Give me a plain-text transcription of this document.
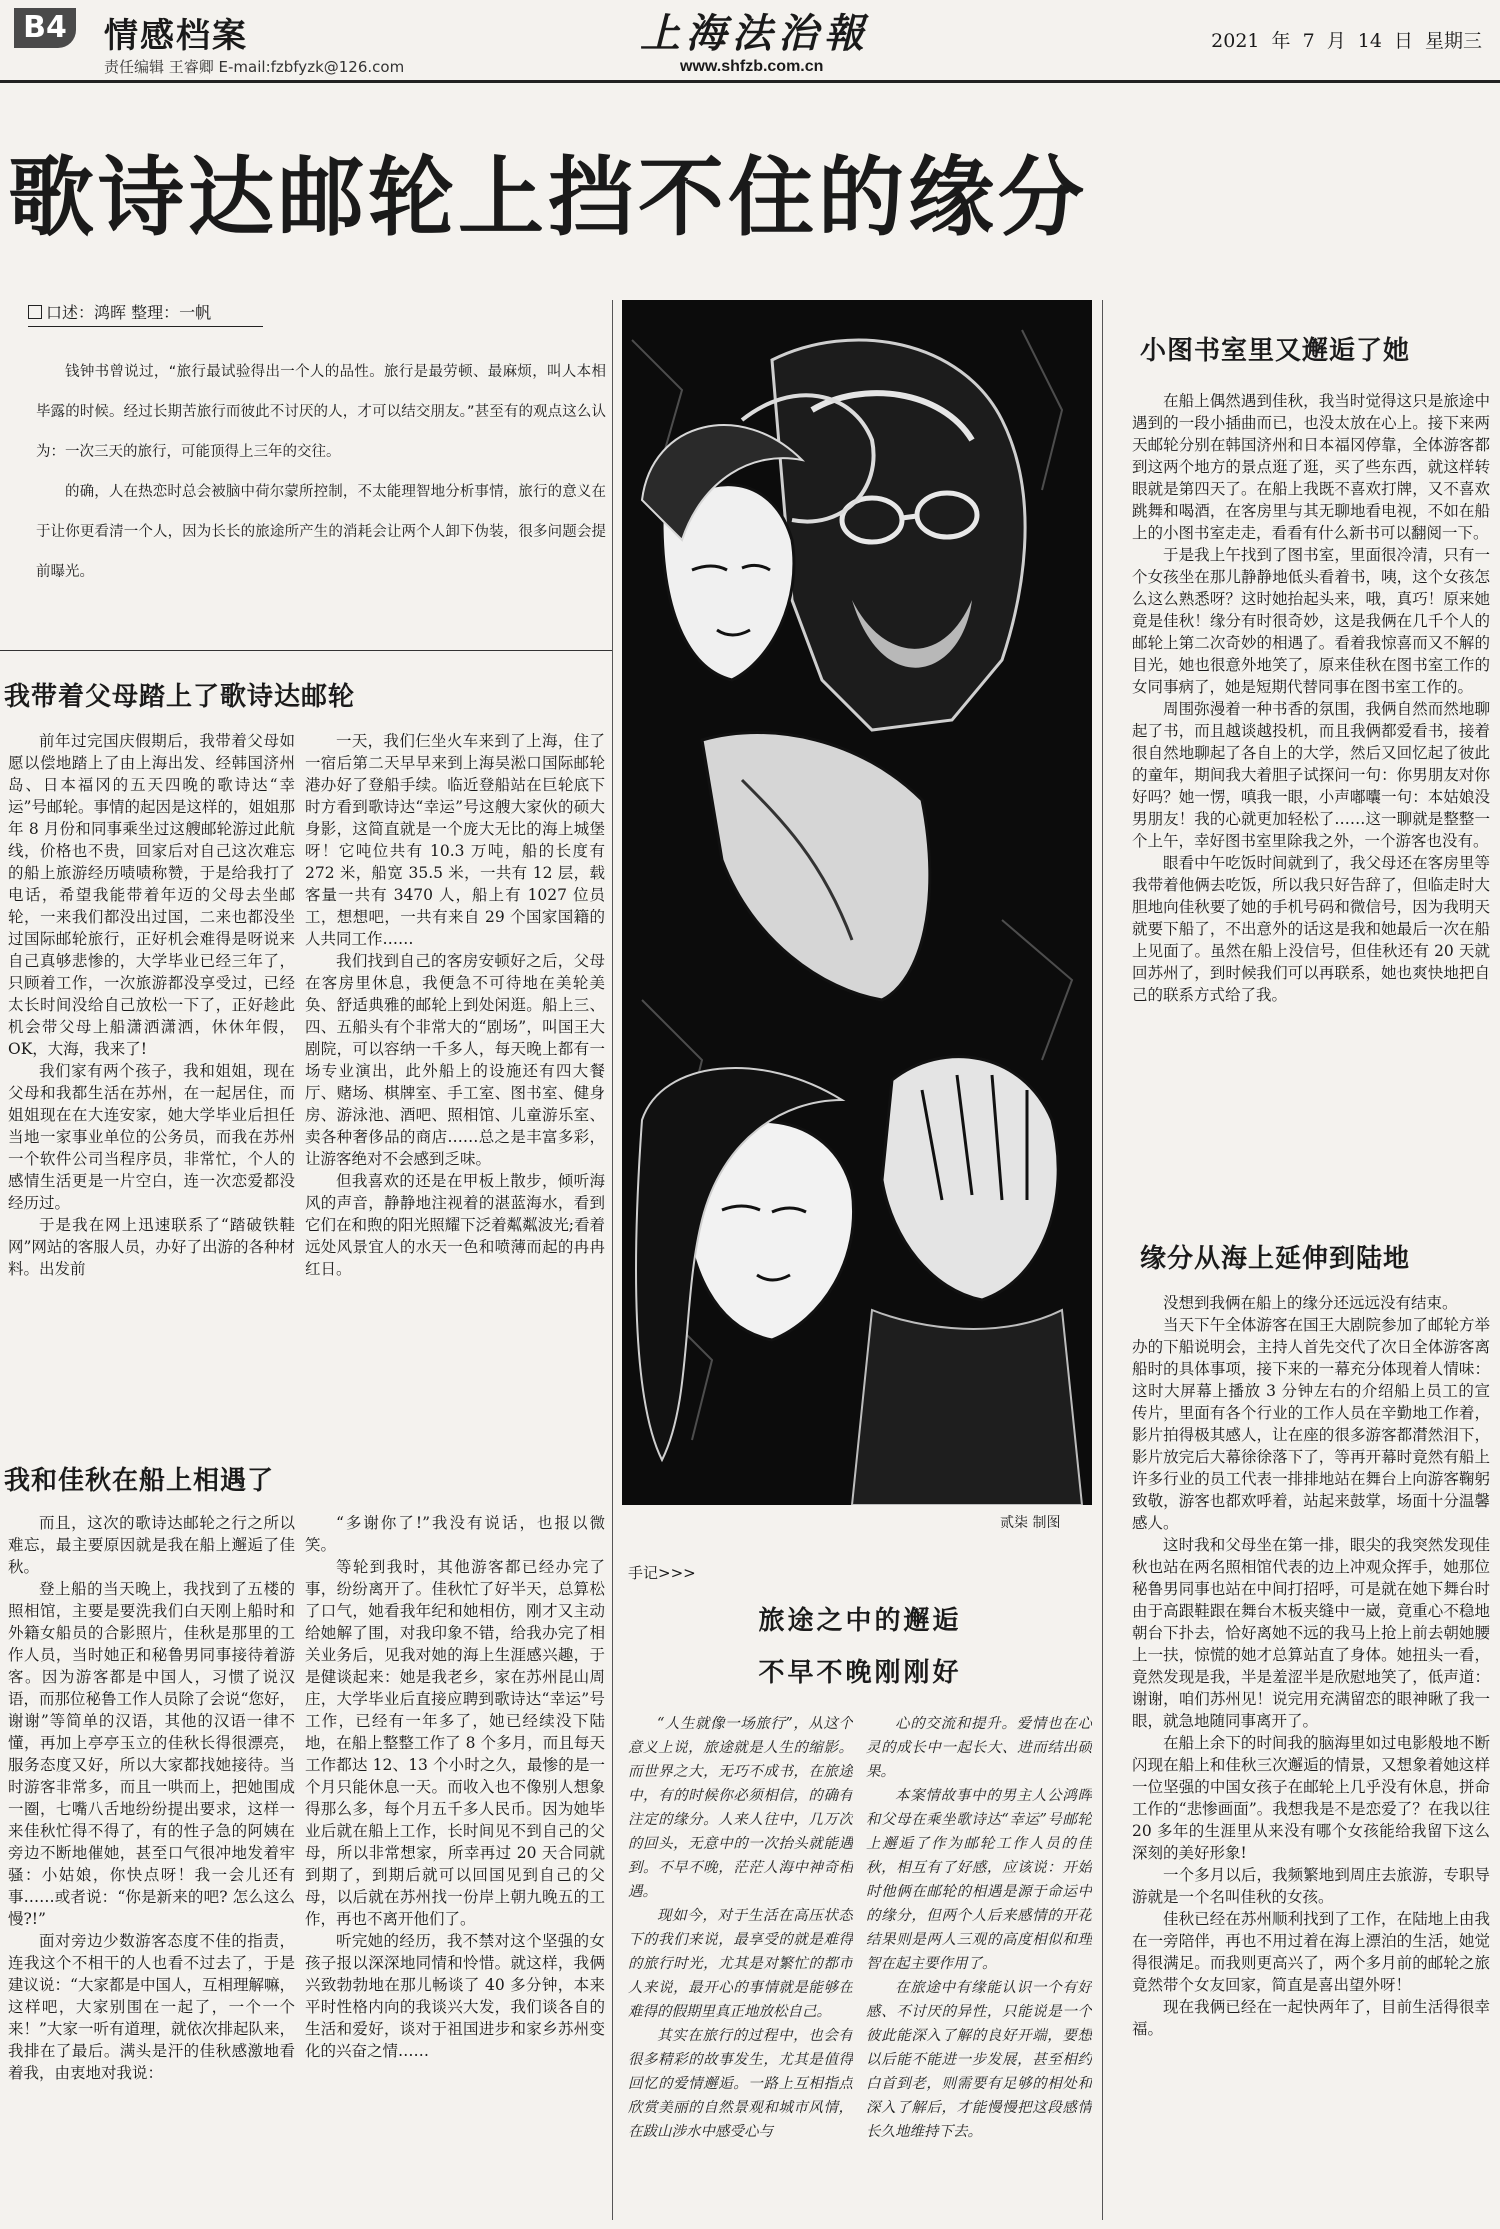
B4 情感档案
责任编辑 王睿卿 E-mail:fzbfyzk@126.com
上海法治報
www.shfzb.com.cn
2021 年 7 月 14 日 星期三
歌诗达邮轮上挡不住的缘分
口述：鸿晖 整理：一帆

钱钟书曾说过，“旅行最试验得出一个人的品性。旅行是最劳顿、最麻烦，叫人本相毕露的时候。经过长期苦旅行而彼此不讨厌的人，才可以结交朋友。”甚至有的观点这么认为：一次三天的旅行，可能顶得上三年的交往。

的确，人在热恋时总会被脑中荷尔蒙所控制，不太能理智地分析事情，旅行的意义在于让你更看清一个人，因为长长的旅途所产生的消耗会让两个人卸下伪装，很多问题会提前曝光。

我带着父母踏上了歌诗达邮轮

前年过完国庆假期后，我带着父母如愿以偿地踏上了由上海出发、经韩国济州岛、日本福冈的五天四晚的歌诗达“幸运”号邮轮。事情的起因是这样的，姐姐那年 8 月份和同事乘坐过这艘邮轮游过此航线，价格也不贵，回家后对自己这次难忘的船上旅游经历啧啧称赞，于是给我打了电话，希望我能带着年迈的父母去坐邮轮，一来我们都没出过国，二来也都没坐过国际邮轮旅行，正好机会难得是呀说来自己真够悲惨的，大学毕业已经三年了，只顾着工作，一次旅游都没享受过，已经太长时间没给自己放松一下了，正好趁此机会带父母上船潇洒潇洒，休休年假，OK，大海，我来了!

我们家有两个孩子，我和姐姐，现在父母和我都生活在苏州，在一起居住，而姐姐现在在大连安家，她大学毕业后担任当地一家事业单位的公务员，而我在苏州一个软件公司当程序员，非常忙，个人的感情生活更是一片空白，连一次恋爱都没经历过。

于是我在网上迅速联系了“踏破铁鞋网”网站的客服人员，办好了出游的各种材料。出发前

一天，我们仨坐火车来到了上海，住了一宿后第二天早早来到上海吴淞口国际邮轮港办好了登船手续。临近登船站在巨轮底下时方看到歌诗达“幸运”号这艘大家伙的硕大身影，这简直就是一个庞大无比的海上城堡呀！它吨位共有 10.3 万吨，船的长度有 272 米，船宽 35.5 米，一共有 12 层，载客量一共有 3470 人，船上有 1027 位员工，想想吧，一共有来自 29 个国家国籍的人共同工作……

我们找到自己的客房安顿好之后，父母在客房里休息，我便急不可待地在美轮美奂、舒适典雅的邮轮上到处闲逛。船上三、四、五船头有个非常大的“剧场”，叫国王大剧院，可以容纳一千多人，每天晚上都有一场专业演出，此外船上的设施还有四大餐厅、赌场、棋牌室、手工室、图书室、健身房、游泳池、酒吧、照相馆、儿童游乐室、卖各种奢侈品的商店……总之是丰富多彩，让游客绝对不会感到乏味。

但我喜欢的还是在甲板上散步，倾听海风的声音，静静地注视着的湛蓝海水，看到它们在和煦的阳光照耀下泛着粼粼波光;看着远处风景宜人的水天一色和喷薄而起的冉冉红日。

我和佳秋在船上相遇了

而且，这次的歌诗达邮轮之行之所以难忘，最主要原因就是我在船上邂逅了佳秋。

登上船的当天晚上，我找到了五楼的照相馆，主要是要洗我们白天刚上船时和外籍女船员的合影照片，佳秋是那里的工作人员，当时她正和秘鲁男同事接待着游客。因为游客都是中国人，习惯了说汉语，而那位秘鲁工作人员除了会说“您好，谢谢”等简单的汉语，其他的汉语一律不懂，再加上亭亭玉立的佳秋长得很漂亮，服务态度又好，所以大家都找她接待。当时游客非常多，而且一哄而上，把她围成一圈，七嘴八舌地纷纷提出要求，这样一来佳秋忙得不得了，有的性子急的阿姨在旁边不断地催她，甚至口气很冲地发着牢骚：小姑娘，你快点呀！我一会儿还有事……或者说：“你是新来的吧? 怎么这么慢?!”

面对旁边少数游客态度不佳的指责，连我这个不相干的人也看不过去了，于是建议说：“大家都是中国人，互相理解嘛，这样吧，大家别围在一起了，一个一个来！”大家一听有道理，就依次排起队来，我排在了最后。满头是汗的佳秋感激地看着我，由衷地对我说：

“多谢你了!”我没有说话，也报以微笑。

等轮到我时，其他游客都已经办完了事，纷纷离开了。佳秋忙了好半天，总算松了口气，她看我年纪和她相仿，刚才又主动给她解了围，对我印象不错，给我办完了相关业务后，见我对她的海上生涯感兴趣，于是健谈起来：她是我老乡，家在苏州昆山周庄，大学毕业后直接应聘到歌诗达“幸运”号工作，已经有一年多了，她已经续没下陆地，在船上整整工作了 8 个多月，而且每天工作都达 12、13 个小时之久，最惨的是一个月只能休息一天。而收入也不像别人想象得那么多，每个月五千多人民币。因为她毕业后就在船上工作，长时间见不到自己的父母，所以非常想家，所幸再过 20 天合同就到期了，到期后就可以回国见到自己的父母，以后就在苏州找一份岸上朝九晚五的工作，再也不离开他们了。

听完她的经历，我不禁对这个坚强的女孩子报以深深地同情和怜惜。就这样，我俩兴致勃勃地在那儿畅谈了 40 多分钟，本来平时性格内向的我谈兴大发，我们谈各自的生活和爱好，谈对于祖国进步和家乡苏州变化的兴奋之情……

贰柒 制图
手记>>>
旅途之中的邂逅
不早不晚刚刚好

“人生就像一场旅行”，从这个意义上说，旅途就是人生的缩影。而世界之大，无巧不成书，在旅途中，有的时候你必须相信，的确有注定的缘分。人来人往中，几万次的回头，无意中的一次抬头就能遇到。不早不晚，茫茫人海中神奇相遇。

现如今，对于生活在高压状态下的我们来说，最享受的就是难得的旅行时光，尤其是对繁忙的都市人来说，最开心的事情就是能够在难得的假期里真正地放松自己。

其实在旅行的过程中，也会有很多精彩的故事发生，尤其是值得回忆的爱情邂逅。一路上互相指点欣赏美丽的自然景观和城市风情，在跋山涉水中感受心与

心的交流和提升。爱情也在心灵的成长中一起长大、进而结出硕果。

本案情故事中的男主人公鸿晖和父母在乘坐歌诗达“幸运”号邮轮上邂逅了作为邮轮工作人员的佳秋，相互有了好感，应该说：开始时他俩在邮轮的相遇是源于命运中的缘分，但两个人后来感情的开花结果则是两人三观的高度相似和理智在起主要作用了。

在旅途中有缘能认识一个有好感、不讨厌的异性，只能说是一个彼此能深入了解的良好开端，要想以后能不能进一步发展，甚至相约白首到老，则需要有足够的相处和深入了解后，才能慢慢把这段感情长久地维持下去。

小图书室里又邂逅了她

在船上偶然遇到佳秋，我当时觉得这只是旅途中遇到的一段小插曲而已，也没太放在心上。接下来两天邮轮分别在韩国济州和日本福冈停靠，全体游客都到这两个地方的景点逛了逛，买了些东西，就这样转眼就是第四天了。在船上我既不喜欢打牌，又不喜欢跳舞和喝酒，在客房里与其无聊地看电视，不如在船上的小图书室走走，看看有什么新书可以翻阅一下。

于是我上午找到了图书室，里面很冷清，只有一个女孩坐在那儿静静地低头看着书，咦，这个女孩怎么这么熟悉呀？这时她抬起头来，哦，真巧！原来她竟是佳秋！缘分有时很奇妙，这是我俩在几千个人的邮轮上第二次奇妙的相遇了。看着我惊喜而又不解的目光，她也很意外地笑了，原来佳秋在图书室工作的女同事病了，她是短期代替同事在图书室工作的。

周围弥漫着一种书香的氛围，我俩自然而然地聊起了书，而且越谈越投机，而且我俩都爱看书，接着很自然地聊起了各自上的大学，然后又回忆起了彼此的童年，期间我大着胆子试探问一句：你男朋友对你好吗？她一愣，嗔我一眼，小声嘟囔一句：本姑娘没男朋友！我的心就更加轻松了……这一聊就是整整一个上午，幸好图书室里除我之外，一个游客也没有。

眼看中午吃饭时间就到了，我父母还在客房里等我带着他俩去吃饭，所以我只好告辞了，但临走时大胆地向佳秋要了她的手机号码和微信号，因为我明天就要下船了，不出意外的话这是我和她最后一次在船上见面了。虽然在船上没信号，但佳秋还有 20 天就回苏州了，到时候我们可以再联系，她也爽快地把自己的联系方式给了我。

缘分从海上延伸到陆地

没想到我俩在船上的缘分还远远没有结束。

当天下午全体游客在国王大剧院参加了邮轮方举办的下船说明会，主持人首先交代了次日全体游客离船时的具体事项，接下来的一幕充分体现着人情味：这时大屏幕上播放 3 分钟左右的介绍船上员工的宣传片，里面有各个行业的工作人员在辛勤地工作着，影片拍得极其感人，让在座的很多游客都潸然泪下，影片放完后大幕徐徐落下了，等再开幕时竟然有船上许多行业的员工代表一排排地站在舞台上向游客鞠躬致敬，游客也都欢呼着，站起来鼓掌，场面十分温馨感人。

这时我和父母坐在第一排，眼尖的我突然发现佳秋也站在两名照相馆代表的边上冲观众挥手，她那位秘鲁男同事也站在中间打招呼，可是就在她下舞台时由于高跟鞋跟在舞台木板夹缝中一崴，竟重心不稳地朝台下扑去，恰好离她不远的我马上抢上前去朝她腰上一扶，惊慌的她才总算站直了身体。她扭头一看，竟然发现是我，半是羞涩半是欣慰地笑了，低声道：谢谢，咱们苏州见！说完用充满留恋的眼神瞅了我一眼，就急地随同事离开了。

在船上余下的时间我的脑海里如过电影般地不断闪现在船上和佳秋三次邂逅的情景，又想象着她这样一位坚强的中国女孩子在邮轮上几乎没有休息，拼命工作的“悲惨画面”。我想我是不是恋爱了？在我以往 20 多年的生涯里从来没有哪个女孩能给我留下这么深刻的美好形象!

一个多月以后，我频繁地到周庄去旅游，专职导游就是一个名叫佳秋的女孩。

佳秋已经在苏州顺利找到了工作，在陆地上由我在一旁陪伴，再也不用过着在海上漂泊的生活，她觉得很满足。而我则更高兴了，两个多月前的邮轮之旅竟然带个女友回家，简直是喜出望外呀！

现在我俩已经在一起快两年了，目前生活得很幸福。
